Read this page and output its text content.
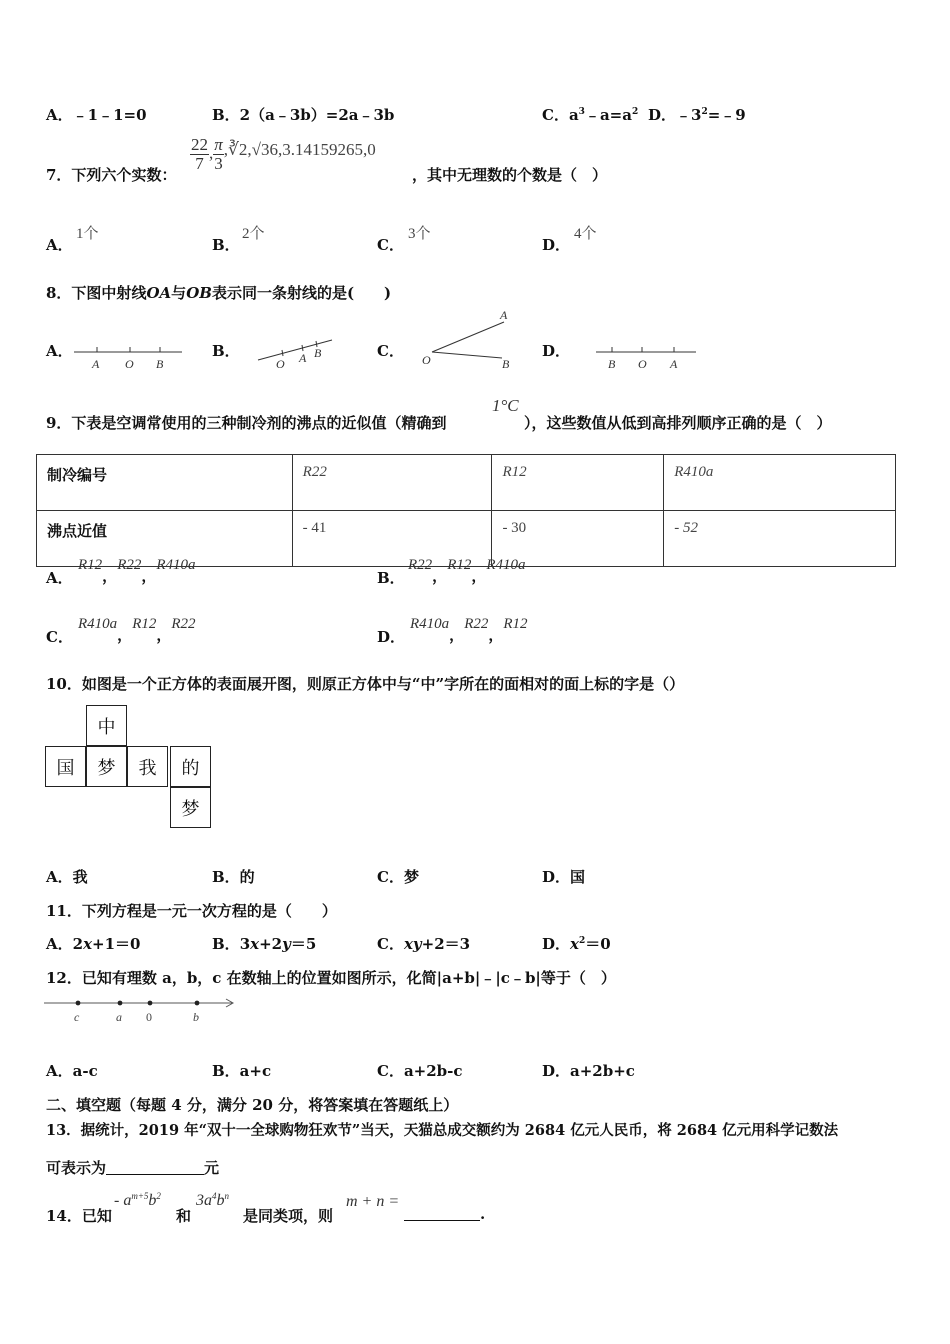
A．﹣1﹣1=0	B．2（a﹣3b）=2a﹣3b	C．$a^3﹣a=a^2$ D．$﹣3^2=﹣9$
7．下列六个实数：
$\frac{22}{7}$ , $\frac{\pi}{3}$ ,∛2,√36,3.14159265,0
，其中无理数的个数是（　）
A．
1个
B．
2个
C．
3个
D．
4个
8．下图中射线OA与OB表示同一条射线的是(　　)
A．
A O B
B．
O A B	C．
A
O	B
D．
B O A
9．下表是空调常使用的三种制冷剂的沸点的近似值（精确到
1°C
），这些数值从低到高排列顺序正确的是（　）
制冷编号	R22	R12	R410a
沸点近值	- 41	- 30	- 52
A．
R12，R22，R410a
B．
R22，R12，R410a
C．
R410a，R12，R22
D．
R410a，R22，R12
10．如图是一个正方体的表面展开图，则原正方体中与“中”字所在的面相对的面上标的字是（）
中
国	梦	我	的
梦
A．我	B．的	C．梦	D．国
11．下列方程是一元一次方程的是（　　）
A．2x+1＝0	B．3x+2y＝5	C．xy+2＝3	D．$x^2=0$
12．已知有理数 a，b，c 在数轴上的位置如图所示，化简|a+b|﹣|c﹣b|等于（　）
c	a 0	b
A．a-c	B．a+c	C．a+2b-c	D．a+2b+c
二、填空题（每题 4 分，满分 20 分，将答案填在答题纸上）
13．据统计，2019 年“双十一全球购物狂欢节”当天，天猫总成交额约为 2684 亿元人民币，将 2684 亿元用科学记数法
可表示为	元
14．已知
- $a^{m+5}b^2$
和
$3a^4b^n$
是同类项，则
m + n =
.
